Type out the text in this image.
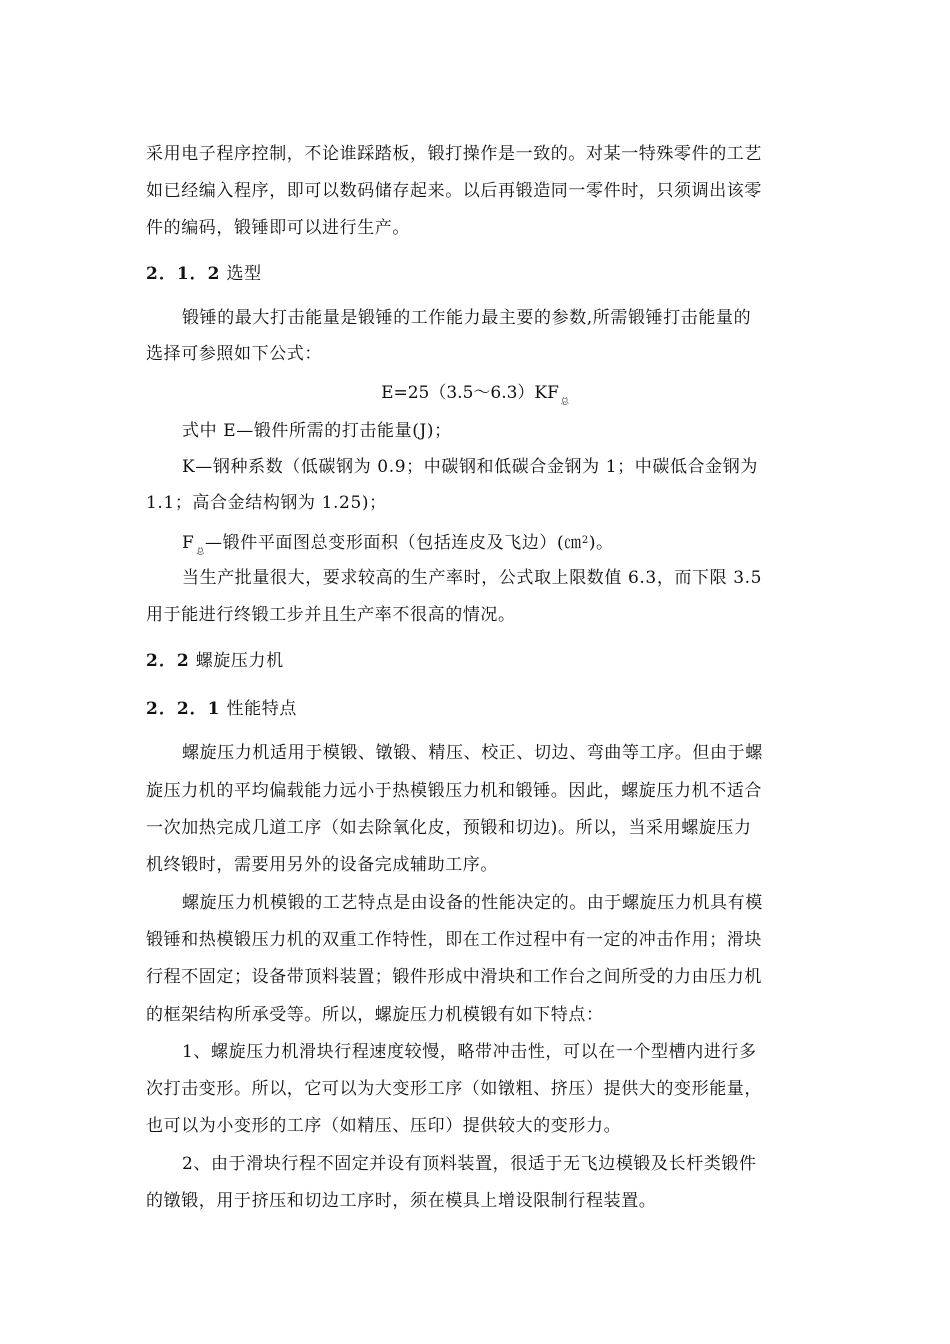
采用电子程序控制，不论谁踩踏板，锻打操作是一致的。对某一特殊零件的工艺
如已经编入程序，即可以数码储存起来。以后再锻造同一零件时，只须调出该零
件的编码，锻锤即可以进行生产。
2．1．2 选型
锻锤的最大打击能量是锻锤的工作能力最主要的参数,所需锻锤打击能量的
选择可参照如下公式：
E=25（3.5～6.3）KF $_总$
式中 E—锻件所需的打击能量(J)；
K—钢种系数（低碳钢为 0.9；中碳钢和低碳合金钢为 1；中碳低合金钢为
1.1；高合金结构钢为 1.25)；
F $_总$—锻件平面图总变形面积（包括连皮及飞边）(㎝$^2$)。
当生产批量很大，要求较高的生产率时，公式取上限数值 6.3，而下限 3.5
用于能进行终锻工步并且生产率不很高的情况。
2．2 螺旋压力机
2．2．1 性能特点
螺旋压力机适用于模锻、镦锻、精压、校正、切边、弯曲等工序。但由于螺
旋压力机的平均偏载能力远小于热模锻压力机和锻锤。因此，螺旋压力机不适合
一次加热完成几道工序（如去除氧化皮，预锻和切边)。所以，当采用螺旋压力
机终锻时，需要用另外的设备完成辅助工序。
螺旋压力机模锻的工艺特点是由设备的性能决定的。由于螺旋压力机具有模
锻锤和热模锻压力机的双重工作特性，即在工作过程中有一定的冲击作用；滑块
行程不固定；设备带顶料装置；锻件形成中滑块和工作台之间所受的力由压力机
的框架结构所承受等。所以，螺旋压力机模锻有如下特点：
1、螺旋压力机滑块行程速度较慢，略带冲击性，可以在一个型槽内进行多
次打击变形。所以，它可以为大变形工序（如镦粗、挤压）提供大的变形能量，
也可以为小变形的工序（如精压、压印）提供较大的变形力。
2、由于滑块行程不固定并设有顶料装置，很适于无飞边模锻及长杆类锻件
的镦锻，用于挤压和切边工序时，须在模具上增设限制行程装置。
